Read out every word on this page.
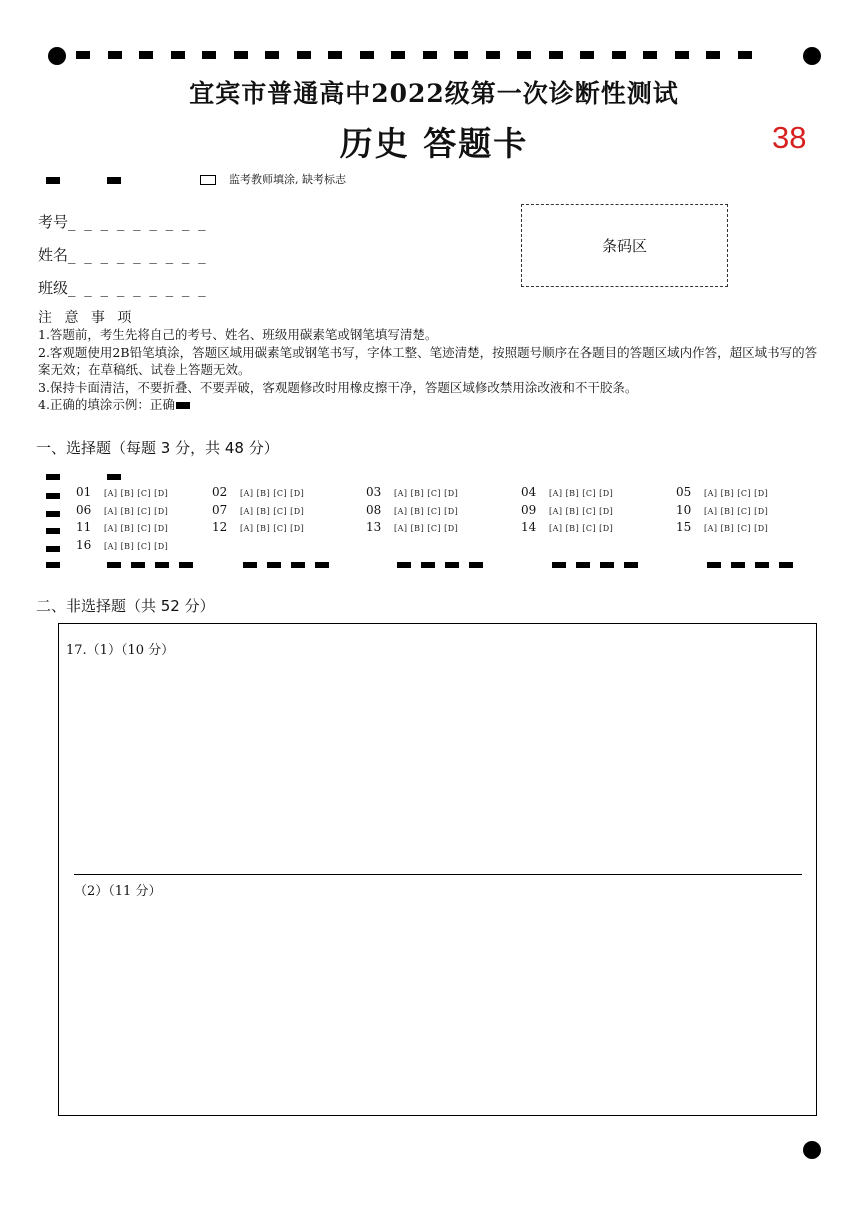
宜宾市普通高中2022级第一次诊断性测试
历史 答题卡	38
监考教师填涂, 缺考标志
考号_ _ _ _ _ _ _ _ _
姓名_ _ _ _ _ _ _ _ _
班级_ _ _ _ _ _ _ _ _
条码区
注 意 事 项
1.答题前，考生先将自己的考号、姓名、班级用碳素笔或钢笔填写清楚。
2.客观题使用2B铅笔填涂，答题区域用碳素笔或钢笔书写，字体工整、笔迹清楚，按照题号顺序在各题目的答题区域内作答，超区域书写的答案无效；在草稿纸、试卷上答题无效。
3.保持卡面清洁，不要折叠、不要弄破，客观题修改时用橡皮擦干净，答题区域修改禁用涂改液和不干胶条。
4.正确的填涂示例：正确
一、选择题（每题 3 分，共 48 分）
01 [A] [B] [C] [D]	02 [A] [B] [C] [D]	03 [A] [B] [C] [D]	04 [A] [B] [C] [D]	05 [A] [B] [C] [D]
06 [A] [B] [C] [D]	07 [A] [B] [C] [D]	08 [A] [B] [C] [D]	09 [A] [B] [C] [D]	10 [A] [B] [C] [D]
11 [A] [B] [C] [D]	12 [A] [B] [C] [D]	13 [A] [B] [C] [D]	14 [A] [B] [C] [D]	15 [A] [B] [C] [D]
16 [A] [B] [C] [D]
二、非选择题（共 52 分）
17.（1）（10 分）
（2）（11 分）
